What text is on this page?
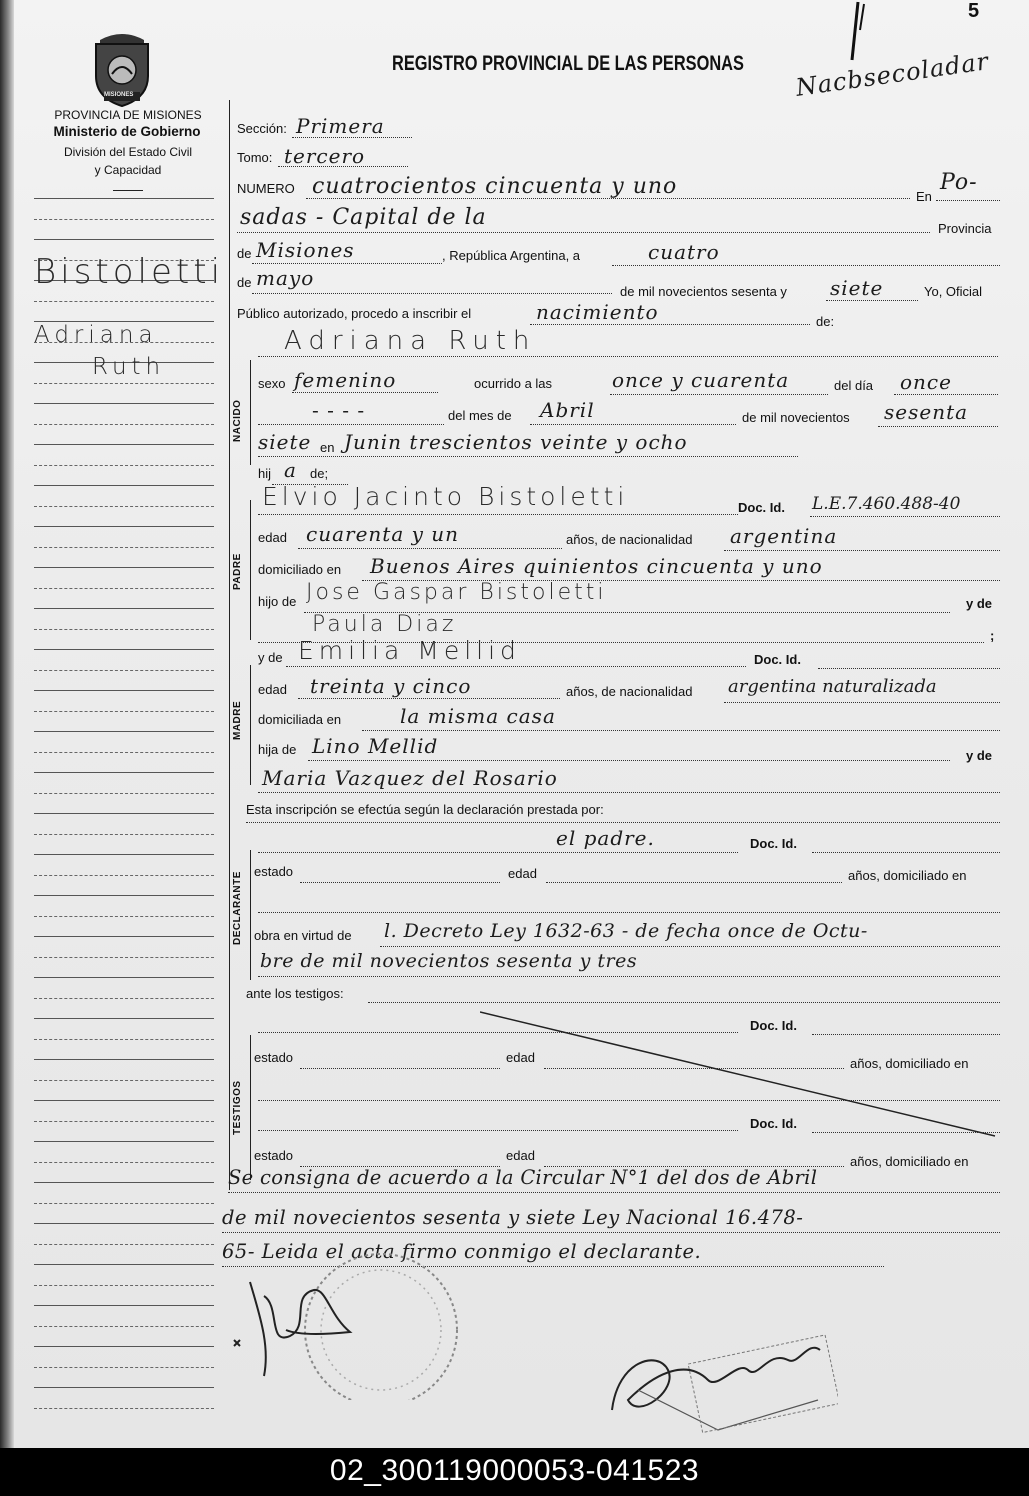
5
MISIONES
PROVINCIA DE MISIONES
Ministerio de Gobierno
División del Estado Civil
y Capacidad
REGISTRO PROVINCIAL DE LAS PERSONAS Nacbsecoladar
Bistoletti
Adriana
Ruth
NACIDO
PADRE
MADRE
DECLARANTE
TESTIGOS
Sección: Primera
Tomo: tercero
NUMERO cuatrocientos cincuenta y uno	En
Po-
sadas - Capital de la	Provincia
de Misiones	, República Argentina, a	cuatro
de mayo
de mil novecientos sesenta y siete	Yo, Oficial
Público autorizado, procedo a inscribir el	nacimiento	de:
Adriana Ruth
sexo femenino	ocurrido a las	once y cuarenta	del día once
- - - -	del mes de Abril	de mil novecientos sesenta
siete en Junin trescientos veinte y ocho
hij a de;
Elvio Jacinto Bistoletti	Doc. Id. L.E.7.460.488-40
edad cuarenta y un	años, de nacionalidad argentina
domiciliado en Buenos Aires quinientos cincuenta y uno
hijo de Jose Gaspar Bistoletti	y de
Paula Diaz	;
y de Emilia Mellid	Doc. Id.
edad treinta y cinco	años, de nacionalidad argentina naturalizada
domiciliada en	la misma casa
hija de Lino Mellid	y de
Maria Vazquez del Rosario
Esta inscripción se efectúa según la declaración prestada por:
el padre.	Doc. Id.
estado	edad	años, domiciliado en
obra en virtud de l. Decreto Ley 1632-63 - de fecha once de Octu-
bre de mil novecientos sesenta y tres
ante los testigos:
Doc. Id.
estado	edad	años, domiciliado en
Doc. Id.
estado	edad	años, domiciliado en
Se consigna de acuerdo a la Circular N°1 del dos de Abril
de mil novecientos sesenta y siete Ley Nacional 16.478-
65- Leida el acta firmo conmigo el declarante.
02_300119000053-041523
